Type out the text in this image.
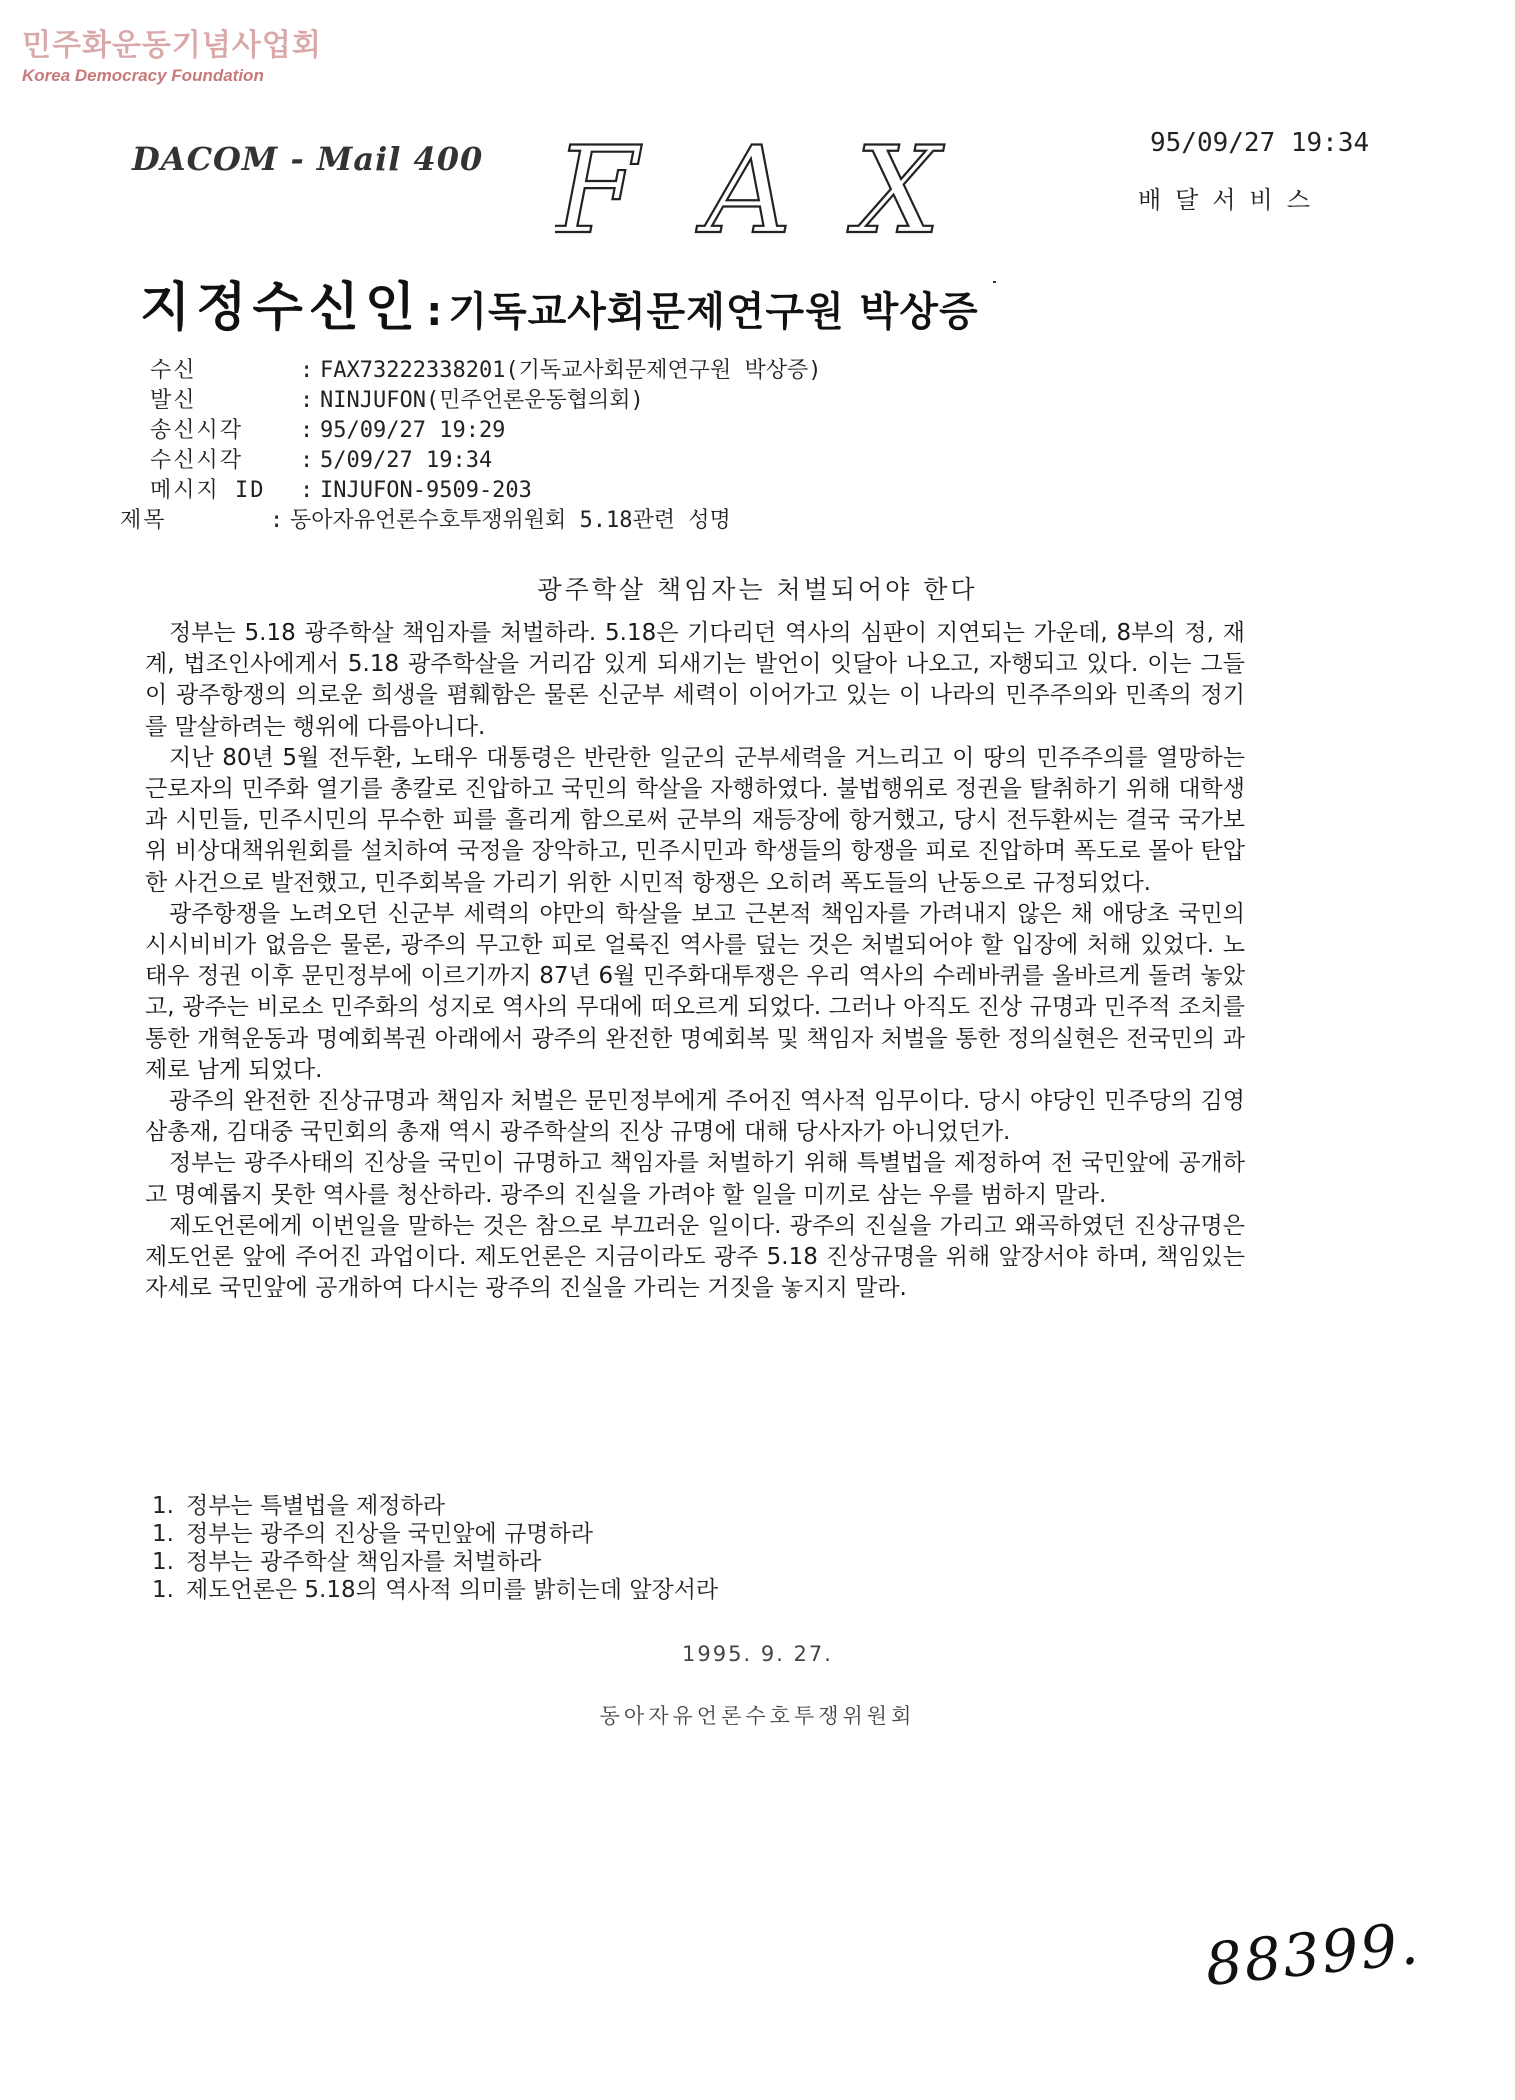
민주화운동기념사업회
Korea Democracy Foundation
DACOM - Mail 400 F A X	95/09/27 19:34
배달서비스
지정수신인 : 기독교사회문제연구원 박상증
수신	: FAX73222338201(기독교사회문제연구원 박상증)
발신	: NINJUFON(민주언론운동협의회)
송신시각	: 95/09/27 19:29
수신시각	: 5/09/27 19:34
메시지 ID : INJUFON-9509-203
제목	: 동아자유언론수호투쟁위원회 5.18관련 성명
광주학살 책임자는 처벌되어야 한다

정부는 5.18 광주학살 책임자를 처벌하라. 5.18은 기다리던 역사의 심판이 지연되는 가운데, 8부의 정, 재계, 법조인사에게서 5.18 광주학살을 거리감 있게 되새기는 발언이 잇달아 나오고, 자행되고 있다. 이는 그들이 광주항쟁의 의로운 희생을 폄훼함은 물론 신군부 세력이 이어가고 있는 이 나라의 민주주의와 민족의 정기를 말살하려는 행위에 다름아니다.

지난 80년 5월 전두환, 노태우 대통령은 반란한 일군의 군부세력을 거느리고 이 땅의 민주주의를 열망하는 근로자의 민주화 열기를 총칼로 진압하고 국민의 학살을 자행하였다. 불법행위로 정권을 탈취하기 위해 대학생과 시민들, 민주시민의 무수한 피를 흘리게 함으로써 군부의 재등장에 항거했고, 당시 전두환씨는 결국 국가보위 비상대책위원회를 설치하여 국정을 장악하고, 민주시민과 학생들의 항쟁을 피로 진압하며 폭도로 몰아 탄압한 사건으로 발전했고, 민주회복을 가리기 위한 시민적 항쟁은 오히려 폭도들의 난동으로 규정되었다.

광주항쟁을 노려오던 신군부 세력의 야만의 학살을 보고 근본적 책임자를 가려내지 않은 채 애당초 국민의 시시비비가 없음은 물론, 광주의 무고한 피로 얼룩진 역사를 덮는 것은 처벌되어야 할 입장에 처해 있었다. 노태우 정권 이후 문민정부에 이르기까지 87년 6월 민주화대투쟁은 우리 역사의 수레바퀴를 올바르게 돌려 놓았고, 광주는 비로소 민주화의 성지로 역사의 무대에 떠오르게 되었다. 그러나 아직도 진상 규명과 민주적 조치를 통한 개혁운동과 명예회복권 아래에서 광주의 완전한 명예회복 및 책임자 처벌을 통한 정의실현은 전국민의 과제로 남게 되었다.

광주의 완전한 진상규명과 책임자 처벌은 문민정부에게 주어진 역사적 임무이다. 당시 야당인 민주당의 김영삼총재, 김대중 국민회의 총재 역시 광주학살의 진상 규명에 대해 당사자가 아니었던가.

정부는 광주사태의 진상을 국민이 규명하고 책임자를 처벌하기 위해 특별법을 제정하여 전 국민앞에 공개하고 명예롭지 못한 역사를 청산하라. 광주의 진실을 가려야 할 일을 미끼로 삼는 우를 범하지 말라.

제도언론에게 이번일을 말하는 것은 참으로 부끄러운 일이다. 광주의 진실을 가리고 왜곡하였던 진상규명은 제도언론 앞에 주어진 과업이다. 제도언론은 지금이라도 광주 5.18 진상규명을 위해 앞장서야 하며, 책임있는 자세로 국민앞에 공개하여 다시는 광주의 진실을 가리는 거짓을 놓지지 말라.

1. 정부는 특별법을 제정하라
1. 정부는 광주의 진상을 국민앞에 규명하라
1. 정부는 광주학살 책임자를 처벌하라
1. 제도언론은 5.18의 역사적 의미를 밝히는데 앞장서라
1995. 9. 27.
동아자유언론수호투쟁위원회
88399.
